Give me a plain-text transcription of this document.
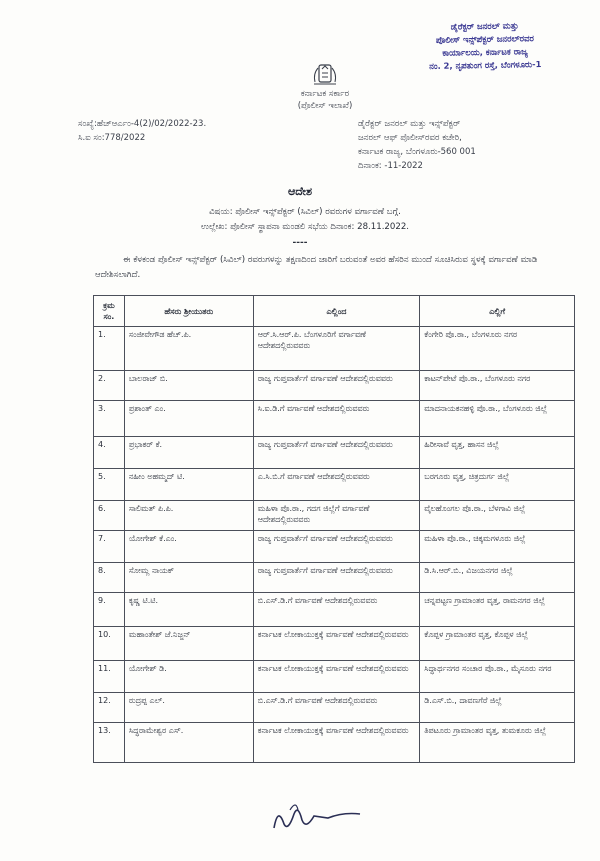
ಡೈರೆಕ್ಟರ್ ಜನರಲ್ ಮತ್ತು
ಪೊಲೀಸ್ ಇನ್ಸ್‌ಪೆಕ್ಟರ್ ಜನರಲ್‌ರವರ
ಕಾರ್ಯಾಲಯ, ಕರ್ನಾಟಕ ರಾಜ್ಯ
ನಂ. 2, ನೃಪತುಂಗ ರಸ್ತೆ, ಬೆಂಗಳೂರು-1
ಕರ್ನಾಟಕ ಸರ್ಕಾರ
(ಪೊಲೀಸ್ ಇಲಾಖೆ)
ಸಂಖ್ಯೆ:ಹೆಚ್ಆರ್ಎಂ-4(2)/02/2022-23.
ಸಿ.ಐ ಸಂ:778/2022
ಡೈರೆಕ್ಟರ್ ಜನರಲ್ ಮತ್ತು ಇನ್ಸ್‌ಪೆಕ್ಟರ್
ಜನರಲ್ ಆಫ್ ಪೊಲೀಸ್‌ರವರ ಕಚೇರಿ,
ಕರ್ನಾಟಕ ರಾಜ್ಯ, ಬೆಂಗಳೂರು-560 001
ದಿನಾಂಕ: -11-2022
ಆದೇಶ
ವಿಷಯ: ಪೊಲೀಸ್ ಇನ್ಸ್‌ಪೆಕ್ಟರ್ (ಸಿವಿಲ್) ರವರುಗಳ ವರ್ಗಾವಣೆ ಬಗ್ಗೆ.
ಉಲ್ಲೇಖ: ಪೊಲೀಸ್ ಸ್ಥಾಪನಾ ಮಂಡಲಿ ಸಭೆಯ ದಿನಾಂಕ: 28.11.2022.
----
ಈ ಕೆಳಕಂಡ ಪೊಲೀಸ್ ಇನ್ಸ್‌ಪೆಕ್ಟರ್ (ಸಿವಿಲ್) ರವರುಗಳನ್ನು ತಕ್ಷಣದಿಂದ ಜಾರಿಗೆ ಬರುವಂತೆ ಅವರ ಹೆಸರಿನ ಮುಂದೆ ಸೂಚಿಸಿರುವ ಸ್ಥಳಕ್ಕೆ ವರ್ಗಾವಣೆ ಮಾಡಿ ಆದೇಶಿಸಲಾಗಿದೆ.
ಕ್ರಮ ಸಂ.	ಹೆಸರು ಶ್ರೀಯುತರು	ಎಲ್ಲಿಂದ	ಎಲ್ಲಿಗೆ
1.	ಸಂಜೀವೇಗೌಡ ಹೆಚ್.ಪಿ.	ಆರ್.ಸಿ.ಆರ್.ಪಿ. ಬೆಂಗಳೂರಿಗೆ ವರ್ಗಾವಣೆ ಆದೇಶದಲ್ಲಿರುವವರು	ಕೆಂಗೇರಿ ಪೊ.ಠಾ., ಬೆಂಗಳೂರು ನಗರ
2.	ಬಾಲರಾಜ್ ಬಿ.	ರಾಜ್ಯ ಗುಪ್ತವಾರ್ತೆಗೆ ವರ್ಗಾವಣೆ ಆದೇಶದಲ್ಲಿರುವವರು	ಕಾಟನ್‌ಪೇಟೆ ಪೊ.ಠಾ., ಬೆಂಗಳೂರು ನಗರ
3.	ಪ್ರಶಾಂತ್ ಎಂ.	ಸಿ.ಐ.ಡಿ.ಗೆ ವರ್ಗಾವಣೆ ಆದೇಶದಲ್ಲಿರುವವರು	ಮಾದನಾಯಕನಹಳ್ಳಿ ಪೊ.ಠಾ., ಬೆಂಗಳೂರು ಜಿಲ್ಲೆ
4.	ಪ್ರಭಾಕರ್ ಕೆ.	ರಾಜ್ಯ ಗುಪ್ತವಾರ್ತೆಗೆ ವರ್ಗಾವಣೆ ಆದೇಶದಲ್ಲಿರುವವರು	ಹಿರೀಸಾವೆ ವೃತ್ತ, ಹಾಸನ ಜಿಲ್ಲೆ
5.	ನಹೀಂ ಅಹಮ್ಮದ್ ಟಿ.	ಎ.ಸಿ.ಬಿ.ಗೆ ವರ್ಗಾವಣೆ ಆದೇಶದಲ್ಲಿರುವವರು	ಬರಗೂರು ವೃತ್ತ, ಚಿತ್ರದುರ್ಗ ಜಿಲ್ಲೆ
6.	ಸಾಲಿಮತ್ ಪಿ.ಪಿ.	ಮಹಿಳಾ ಪೊ.ಠಾ., ಗದಗ ಜಿಲ್ಲೆಗೆ ವರ್ಗಾವಣೆ ಆದೇಶದಲ್ಲಿರುವವರು	ವೈಲಹೊಂಗಲ ಪೊ.ಠಾ., ಬೆಳಗಾವಿ ಜಿಲ್ಲೆ
7.	ಯೋಗೇಶ್ ಕೆ.ಎಂ.	ರಾಜ್ಯ ಗುಪ್ತವಾರ್ತೆಗೆ ವರ್ಗಾವಣೆ ಆದೇಶದಲ್ಲಿರುವವರು	ಮಹಿಳಾ ಪೊ.ಠಾ., ಚಿಕ್ಕಮಗಳೂರು ಜಿಲ್ಲೆ
8.	ಸೋಮ್ಲ ನಾಯಕ್	ರಾಜ್ಯ ಗುಪ್ತವಾರ್ತೆಗೆ ವರ್ಗಾವಣೆ ಆದೇಶದಲ್ಲಿರುವವರು	ಡಿ.ಸಿ.ಆರ್.ಬಿ., ವಿಜಯನಗರ ಜಿಲ್ಲೆ
9.	ಕೃಷ್ಣ ಟಿ.ಟಿ.	ಬಿ.ಎಸ್.ಡಿ.ಗೆ ವರ್ಗಾವಣೆ ಆದೇಶದಲ್ಲಿರುವವರು	ಚನ್ನಪಟ್ಟಣ ಗ್ರಾಮಾಂತರ ವೃತ್ತ, ರಾಮನಗರ ಜಿಲ್ಲೆ
10.	ಮಹಾಂತೇಶ್ ಜೆ.ನಿಜ್ಜನ್	ಕರ್ನಾಟಕ ಲೋಕಾಯುಕ್ತಕ್ಕೆ ವರ್ಗಾವಣೆ ಆದೇಶದಲ್ಲಿರುವವರು	ಕೊಪ್ಪಳ ಗ್ರಾಮಾಂತರ ವೃತ್ತ, ಕೊಪ್ಪಳ ಜಿಲ್ಲೆ
11.	ಯೋಗೇಶ್ ಡಿ.	ಕರ್ನಾಟಕ ಲೋಕಾಯುಕ್ತಕ್ಕೆ ವರ್ಗಾವಣೆ ಆದೇಶದಲ್ಲಿರುವವರು	ಸಿದ್ಧಾರ್ಥನಗರ ಸಂಚಾರ ಪೊ.ಠಾ., ಮೈಸೂರು ನಗರ
12.	ರುದ್ರಪ್ಪ ಎಲ್.	ಬಿ.ಎಸ್.ಡಿ.ಗೆ ವರ್ಗಾವಣೆ ಆದೇಶದಲ್ಲಿರುವವರು	ಡಿ.ಎಸ್.ಬಿ., ದಾವಣಗೆರೆ ಜಿಲ್ಲೆ
13.	ಸಿದ್ಧರಾಮೇಶ್ವರ ಎಸ್.	ಕರ್ನಾಟಕ ಲೋಕಾಯುಕ್ತಕ್ಕೆ ವರ್ಗಾವಣೆ ಆದೇಶದಲ್ಲಿರುವವರು	ತಿಪಟೂರು ಗ್ರಾಮಾಂತರ ವೃತ್ತ, ತುಮಕೂರು ಜಿಲ್ಲೆ
